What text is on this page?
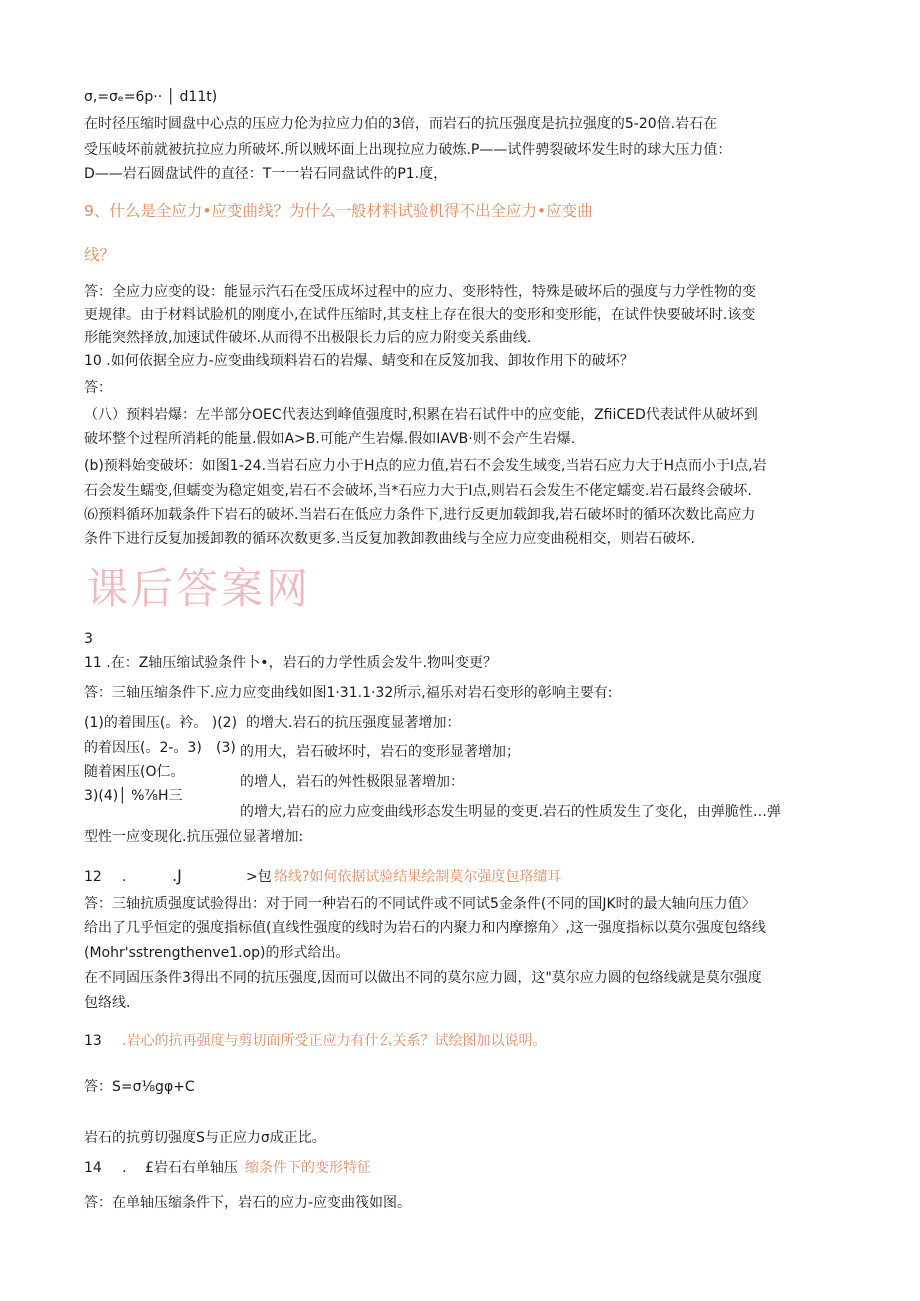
σ,=σₑ=6p·· │ d11t)
在时径压缩时圆盘中心点的压应力伦为拉应力伯的3倍，而岩石的抗压强度是抗拉强度的5-20倍.岩石在
受压岐坏前就被抗拉应力所破坏.所以贼坏面上出现拉应力破炼.P——试件骋裂破坏发生时的球大压力值：
D——岩石圆盘试件的直径：T一一岩石同盘试件的P1.度，
9、什么是全应力•应变曲线？为什么一般材料试验机得不出全应力•应变曲
线？
答：全应力应变的设：能显示汽石在受压成坏过程中的应力、变形特性，特殊是破坏后的强度与力学性物的变
更规律。由于材料试脸机的刚度小,在试件压缩时,其支柱上存在很大的变形和变形能，在试件快要破坏时.该变
形能突然择放,加速试件破坏.从而得不出极限长力后的应力附变关系曲线.
10 .如何依据全应力-应变曲线顼料岩石的岩爆、蜻变和在反笈加我、卸妆作用下的破坏？
答：
（八）预料岩爆：左半部分OEC代表达到峰值强度时,积累在岩石试件中的应变能，ZfiiCED代表试件从破坏到
破坏整个过程所消耗的能量.假如A>B.可能产生岩爆.假如IAVB·则不会产生岩爆.
(b)预料始变破坏：如图1-24.当岩石应力小于H点的应力值,岩石不会发生域变,当岩石应力大于H点而小于I点,岩
石会发生蠕变,但蠕变为稳定姐变,岩石不会破坏,当*石应力大于I点,则岩石会发生不佬定蠕变.岩石最终会破坏.
⑹预料循环加载条件下岩石的破坏.当岩石在低应力条件下,进行反更加载卸我,岩石破坏时的循环次数比高应力
条件下进行反复加援卸教的循环次数更多.当反复加教卸教曲线与全应力应变曲税相交，则岩石破坏.
课后答案网
3
11 .在：Z轴压缩试验条件卜•，岩石的力学性质会发牛.物叫变更？
答：三轴压缩条件下.应力应变曲线如图1·31.1·32所示,福乐对岩石变形的彰响主要有:
(1)的着围压(。衿。 )(2) 的增大.岩石的抗压强度显著增加：
的着因压(。2-。3) (3) 的用大，岩石破坏时，岩石的变形显著增加；
随着困压(O仁。
的增人，岩石的舛性极限显著増加：
3)(4)│ %⅞H三
的增大,岩石的应力应变曲线形态发生明显的变更.岩石的性质发生了变化，由弹脆性…弹
型性一应变现化.抗压强位显著增加:
12 .	.J	>包 络线?如何依据试验结果绘制莫尔强度包珞缱耳
答：三轴抗质强度试验得出：对于同一种岩石的不同试件或不同试5金条件(不同的国JK时的最大轴向压力值〉
给出了几乎恒定的强度指标值(直线性强度的线时为岩石的内聚力和内摩擦角〉,这一强度指标以莫尔强度包络线
(Mohr'sstrengthenve1.op)的形式给出。
在不同固压条件3得出不同的抗压强度,因而可以做出不同的莫尔应力圆，这"莫尔应力圆的包络线就是莫尔强度
包络线.
13 .岩心的抗再强度与剪切面所受正应力有什么关系？试绘图加以说明。
答：S=σ⅛gφ+C
岩石的抗剪切强度S与正应力σ成正比。
14 . £岩石右单轴压 缩条件下的变形特征
答：在单轴压缩条件下，岩石的应力-应变曲筏如图。
